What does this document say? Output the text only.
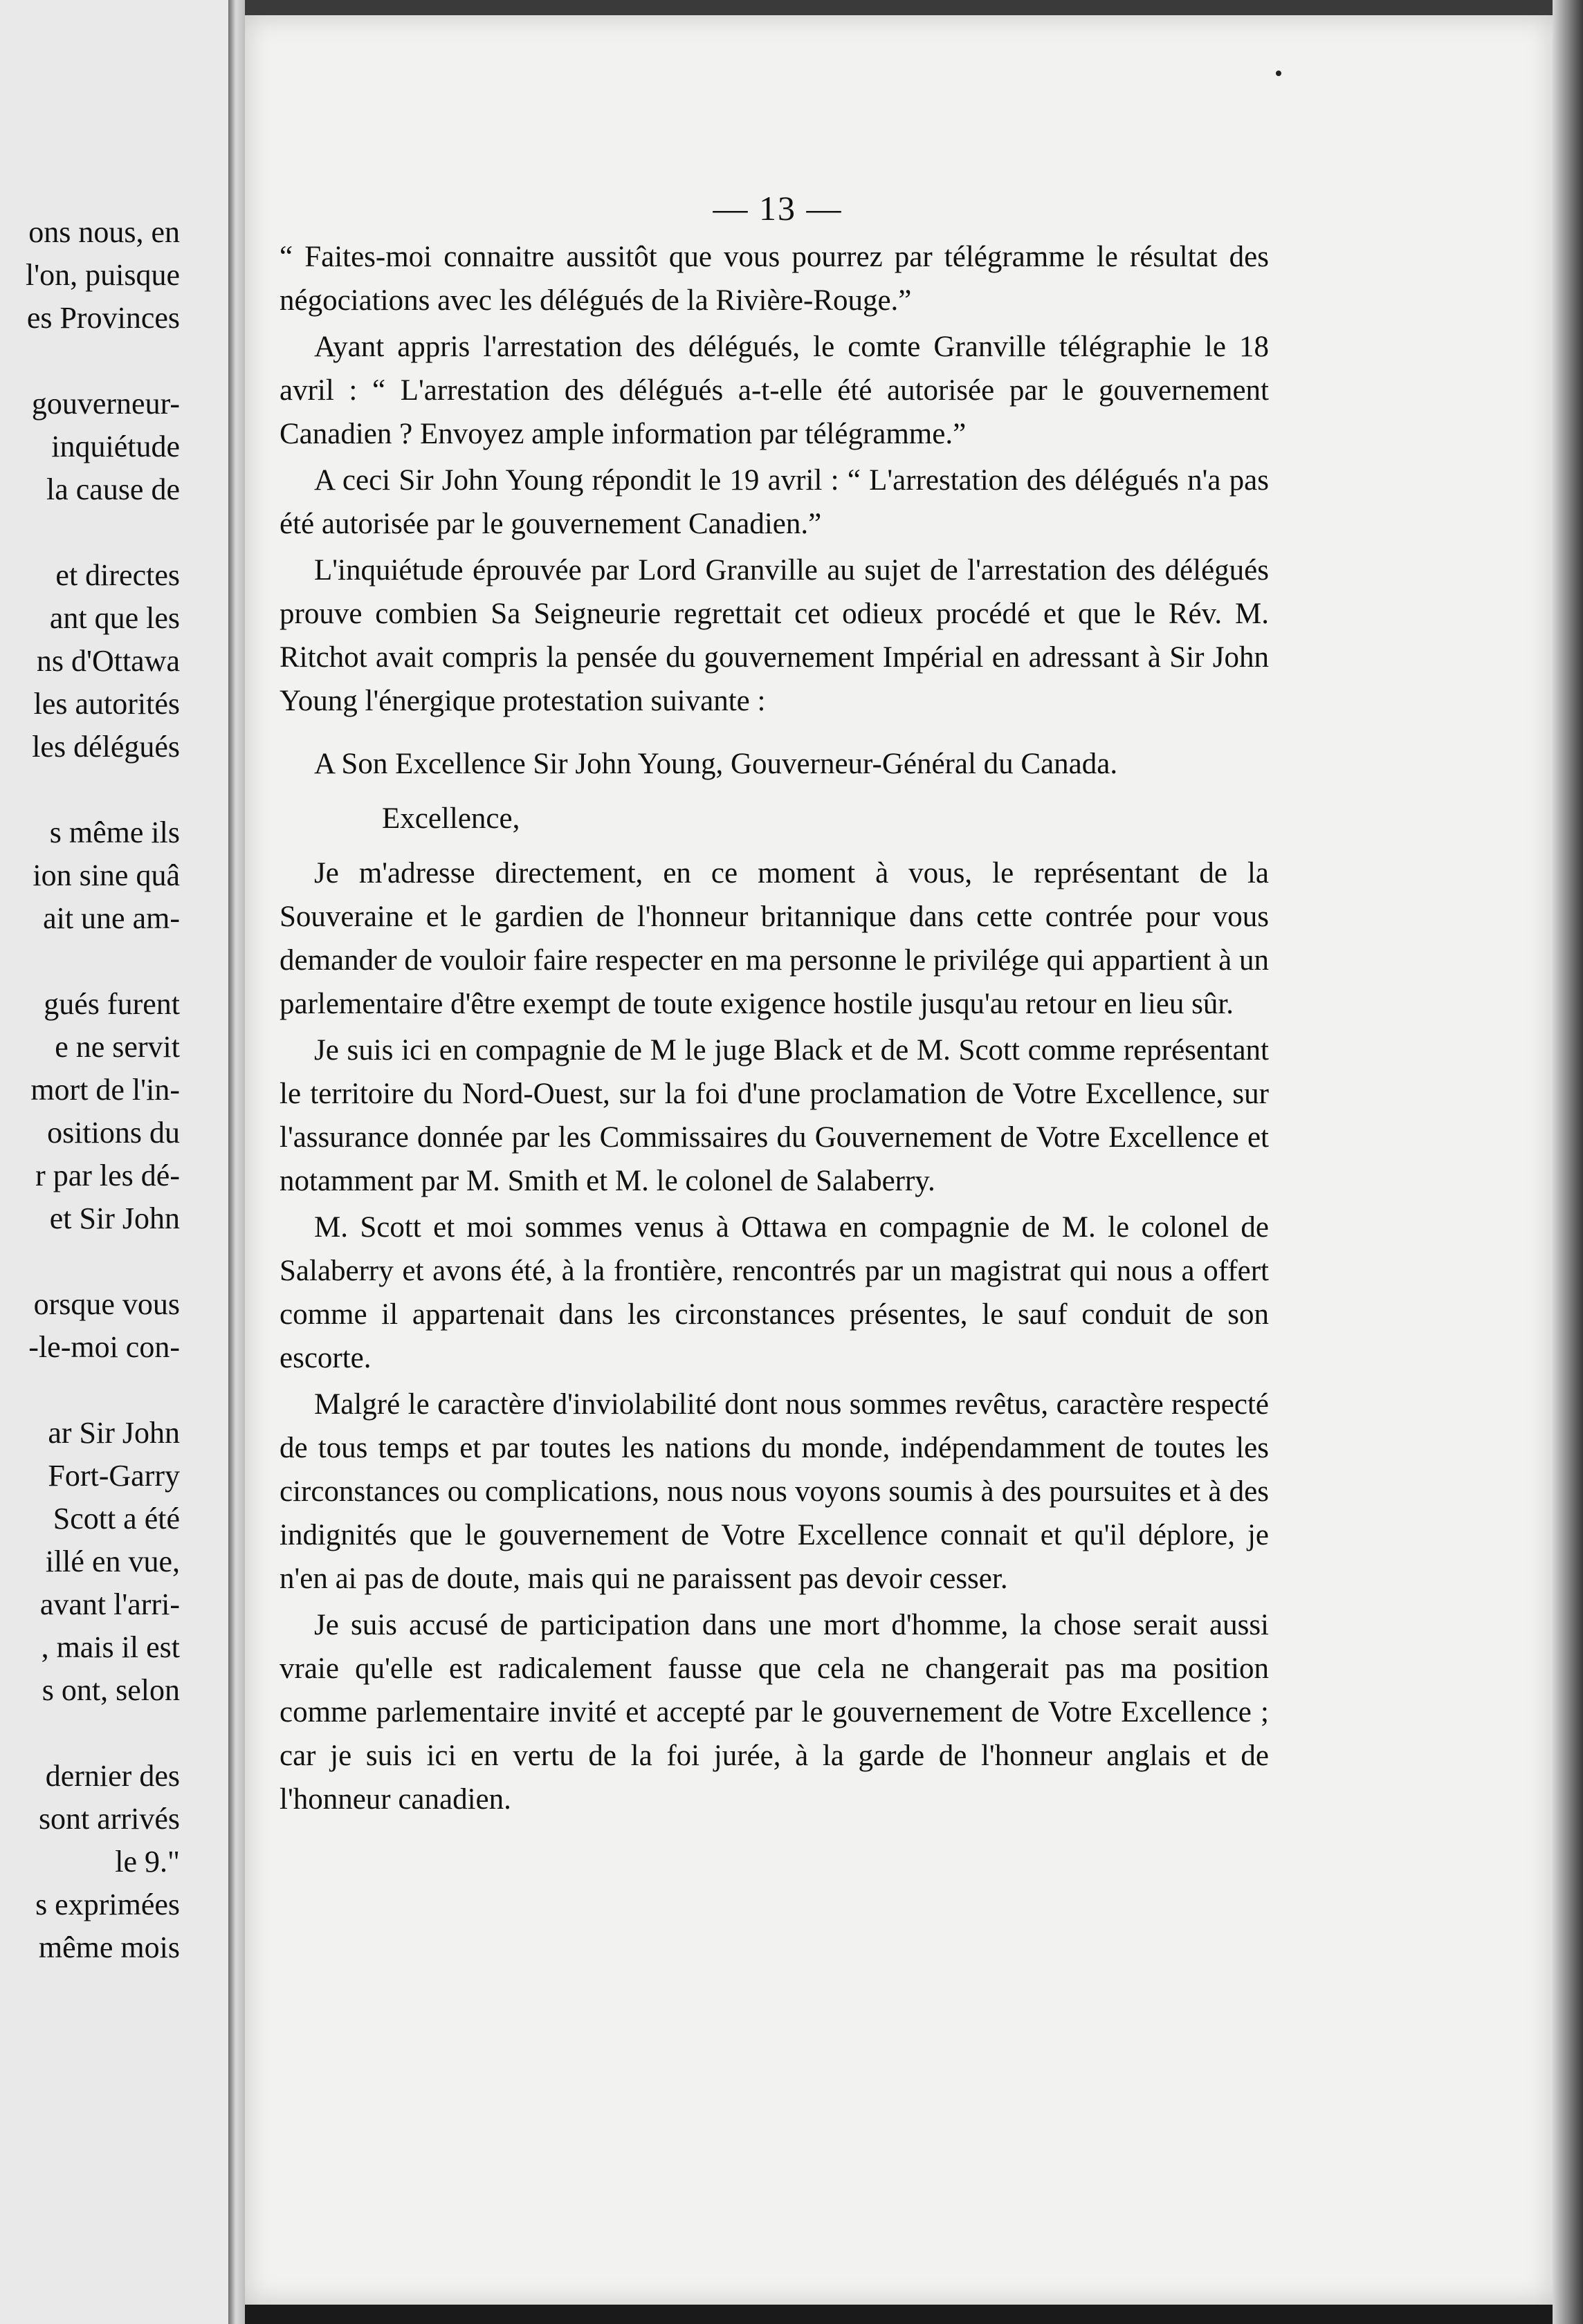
ons nous, en
l'on, puisque
es Provinces
gouverneur-
inquiétude
la cause de
et directes
ant que les
ns d'Ottawa
les autorités
les délégués
s même ils
ion sine quâ
ait une am-
gués furent
e ne servit
mort de l'in-
ositions du
r par les dé-
et Sir John
orsque vous
-le-moi con-
ar Sir John
Fort-Garry
Scott a été
illé en vue,
avant l'arri-
, mais il est
s ont, selon
dernier des
sont arrivés
le 9."
s exprimées
même mois
— 13 —

“ Faites-moi connaitre aussitôt que vous pourrez par télégramme le résultat des négociations avec les délégués de la Rivière-Rouge.”

Ayant appris l'arrestation des délégués, le comte Granville télégraphie le 18 avril : “ L'arrestation des délégués a-t-elle été autorisée par le gouvernement Canadien ? Envoyez ample information par télégramme.”

A ceci Sir John Young répondit le 19 avril : “ L'arrestation des délégués n'a pas été autorisée par le gouvernement Canadien.”

L'inquiétude éprouvée par Lord Granville au sujet de l'arrestation des délégués prouve combien Sa Seigneurie regrettait cet odieux procédé et que le Rév. M. Ritchot avait compris la pensée du gouvernement Impérial en adressant à Sir John Young l'énergique protestation suivante :

A Son Excellence Sir John Young, Gouverneur-Général du Canada.

Excellence,

Je m'adresse directement, en ce moment à vous, le représentant de la Souveraine et le gardien de l'honneur britannique dans cette contrée pour vous demander de vouloir faire respecter en ma personne le privilége qui appartient à un parlementaire d'être exempt de toute exigence hostile jusqu'au retour en lieu sûr.

Je suis ici en compagnie de M le juge Black et de M. Scott comme représentant le territoire du Nord-Ouest, sur la foi d'une proclamation de Votre Excellence, sur l'assurance donnée par les Commissaires du Gouvernement de Votre Excellence et notamment par M. Smith et M. le colonel de Salaberry.

M. Scott et moi sommes venus à Ottawa en compagnie de M. le colonel de Salaberry et avons été, à la frontière, rencontrés par un magistrat qui nous a offert comme il appartenait dans les circonstances présentes, le sauf conduit de son escorte.

Malgré le caractère d'inviolabilité dont nous sommes revêtus, caractère respecté de tous temps et par toutes les nations du monde, indépendamment de toutes les circonstances ou complications, nous nous voyons soumis à des poursuites et à des indignités que le gouvernement de Votre Excellence connait et qu'il déplore, je n'en ai pas de doute, mais qui ne paraissent pas devoir cesser.

Je suis accusé de participation dans une mort d'homme, la chose serait aussi vraie qu'elle est radicalement fausse que cela ne changerait pas ma position comme parlementaire invité et accepté par le gouvernement de Votre Excellence ; car je suis ici en vertu de la foi jurée, à la garde de l'honneur anglais et de l'honneur canadien.
